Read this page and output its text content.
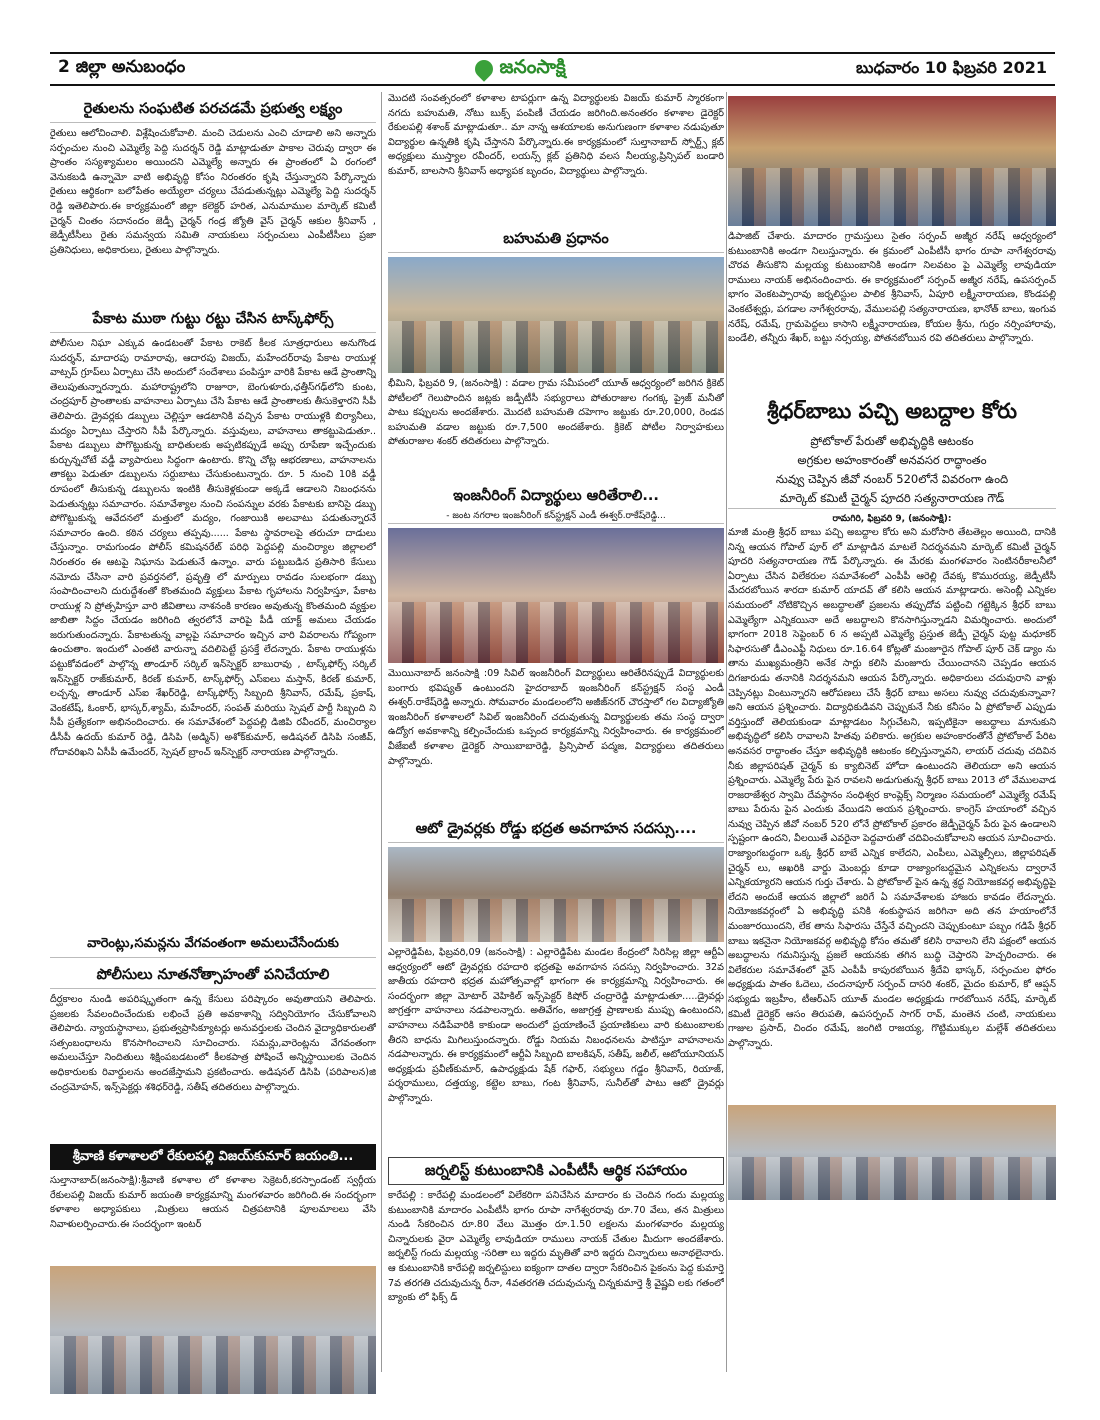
2 జిల్లా అనుబంధం	జనంసాక్షి	బుధవారం 10 ఫిబ్రవరి 2021
రైతులను సంఘటిత పరచడమే ప్రభుత్వ లక్ష్యం

రైతులు ఆలోచించాలి. విశ్లేషించుకోవాలి. మంచి చెడులను ఎంచి చూడాలి అని అన్నారు సర్పంచుల నుంచి ఎమ్మెల్యే పెద్ది సుదర్శన్ రెడ్డి మాట్లాడుతూ పాకాల చెరువు ద్వారా ఈ ప్రాంతం సస్యశ్యామలం అయిందని ఎమ్మెల్యే అన్నారు ఈ ప్రాంతంలో ఏ రంగంలో వెనుకబడి ఉన్నామో వాటి అభివృద్ధి కోసం నిరంతరం కృషి చేస్తున్నారని పేర్కొన్నారు రైతులు ఆర్థికంగా బలోపేతం అయ్యేలా చర్యలు చేపడుతున్నట్లు ఎమ్మెల్యే పెద్ది సుదర్శన్ రెడ్డి ఇతెలిపారు.ఈ కార్యక్రమంలో జిల్లా కలెక్టర్ హరిత, ఎనుమాముల మార్కెట్ కమిటీ చైర్మన్ చింతం సదానందం జెడ్పీ చైర్మన్ గండ్ర జ్యోతి వైస్ చైర్మన్ ఆకుల శ్రీనివాస్ , జెడ్పీటీసీలు రైతు సమన్వయ సమితి నాయకులు సర్పంచులు ఎంపీటీసీలు ప్రజా ప్రతినిధులు, అధికారులు, రైతులు పాల్గొన్నారు.

పేకాట ముఠా గుట్టు రట్టు చేసిన టాస్క్‌ఫోర్స్

పోలీసుల నిఘా ఎక్కువ ఉండటంతో పేకాట రాకెట్ కీలక సూత్రధారులు అనుగొండ సుదర్శన్, మాదారపు రామారావు, ఆదారపు విజయ్, మహేందర్‌రావు పేకాట రాయుళ్ల వాట్సప్ గ్రూప్‌లు ఏర్పాటు చేసి అందులో సందేశాలు పంపిస్తూ వారికి పేకాట ఆడే ప్రాంతాన్ని తెలుపుతున్నారన్నారు. మహారాష్ట్రలోని రాజూరా, బెంగుళూరు,ఛత్తీస్‌గఢ్‌లోని కుంట, చంద్రపూర్ ప్రాంతాలకు వాహనాలు ఏర్పాటు చేసి పేకాట ఆడే ప్రాంతాలకు తీసుకెళ్తారని సీపీ తెలిపారు. డ్రైవర్లకు డబ్బులు చెల్లిస్తూ ఆడటానికి వచ్చిన పేకాట రాయుళ్లకి బిర్యానీలు, మద్యం ఏర్పాటు చేస్తారని సీపీ పేర్కొన్నారు. వస్తువులు, వాహనాలు తాకట్టుపెడుతూ.. పేకాట డబ్బులు పొగొట్టుకున్న బాధితులకు అప్పటికప్పుడే అప్పు రూపేణా ఇచ్చేందుకు కుర్చున్నచోటే వడ్డీ వ్యాపారులు సిద్ధంగా ఉంటారు. కొన్ని చోట్ల ఆభరణాలు, వాహనాలను తాకట్టు పెడుతూ డబ్బులను సర్దుబాటు చేసుకుంటున్నారు. రూ. 5 నుంచి 10కి వడ్డీ రూపంలో తీసుకున్న డబ్బులను ఇంటికి తీసుకెళ్లకుండా అక్కడే ఆడాలని నిబంధనను పెడుతున్నట్లు సమాచారం. సమావేశ్యాల నుంచి సంపన్నుల వరకు పేకాటకు బానిసై డబ్బు పోగొట్టుకున్న ఆవేదనలో మత్తులో మద్యం, గంజాయికి అలవాటు పడుతున్నారనే సమాచారం ఉంది. కఠిన చర్యలు తప్పవు...... పేకాట స్థావరాలపై తరుచూ దాడులు చేస్తున్నాం. రామగుండం పోలీస్ కమిషనరేట్ పరిధి పెద్దపల్లి మంచిర్యాల జిల్లాలలో నిరంతరం ఈ ఆటపై నిఘాను పెడుతునే ఉన్నాం. వారు పట్టుబడిన ప్రతిసారి కేసులు నమోదు చేసినా వారి ప్రవర్తనలో, ప్రవృత్తి లో మార్పులు రావడం సులభంగా డబ్బు సంపాదించాలని దురుద్దేశంతో కొంతమంది వ్యక్తులు పేకాట గృహాలను నిర్వహిస్తూ, పేకాట రాయుళ్ల ని ప్రోత్సహిస్తూ వారి జీవితాలు నాశనంకి కారణం అవుతున్న కొంతమంది వ్యక్తుల జాబితా సిద్దం చేయడం జరిగింది త్వరలోనే వారిపై పీడీ యాక్ట్ అమలు చేయడం జరుగుతుందన్నారు. పేకాటతున్న వాల్లపై సమాచారం ఇచ్చిన వారి వివరాలను గోప్యంగా ఉంచుతాం. ఇందులో ఎంతటి వారున్నా వదిలిపెట్టే ప్రసక్తే లేదన్నారు. పేకాట రాయుళ్లను పట్టుకోవడంలో పాల్గొన్న తాండూర్ సర్కిల్ ఇన్‌స్పెక్టర్ బాబురావు , టాస్క్‌ఫోర్స్ సర్కిల్ ఇన్‌స్పెక్టర్ రాజ్‌కుమార్, కిరణ్ కుమార్, టాస్క్‌ఫోర్స్ ఎస్ఐలు మస్తాన్, కిరణ్ కుమార్, లచ్చన్న, తాండూర్ ఎస్ఐ శేఖర్‌రెడ్డి, టాస్క్‌ఫోర్స్ సిబ్బంది శ్రీనివాస్, రమేష్, ప్రకాష్, వెంకటేష్, ఓంకార్, భాస్కర్,శ్యామ్, మహేందర్, సంపత్ మరియు స్పెషల్ పార్టీ సిబ్బంది ని సీపీ ప్రత్యేకంగా అభినందించారు. ఈ సమావేశంలో పెద్దపల్లి డిజిపి రవీందర్, మంచిర్యాల డీసీపీ ఉదయ్ కుమార్ రెడ్డి, డిసిపి (అడ్మిన్) అశోక్‌కుమార్, అడిషనల్ డిసిపి సంజీవ్, గోదావరిఖని ఏసీపీ ఉమేందర్, స్పెషల్ బ్రాంచ్ ఇన్‌స్పెక్టర్ నారాయణ పాల్గొన్నారు.

వారెంట్లు,సమన్లను వేగవంతంగా అమలుచేసేందుకు
పోలీసులు నూతనోత్సాహంతో పనిచేయాలి

దీర్ఘకాలం నుండి అపరిష్కృతంగా ఉన్న కేసులు పరిష్కారం అవుతాయని తెలిపారు. ప్రజలకు సేవలందించేందుకు లభించే ప్రతి అవకాశాన్ని సద్వినియోగం చేసుకోవాలని తెలిపారు. న్యాయస్థానాలు, ప్రభుత్వప్రాసిక్యూటర్లు అనువర్తులకు చెందిన వైద్యాధికారులతో సత్సంబంధాలను కొనసాగించాలని సూచించారు. సమన్లు,వారెంట్లను వేగవంతంగా అమలుచేస్తూ నిందితులు శిక్షింపబడటంలో కీలకపాత్ర పోషించే అన్నిస్థాయిలకు చెందిన అధికారులకు రివార్డులను అందజేస్తామని ప్రకటించారు. అడిషనల్ డిసిపి (పరిపాలన)జి చంద్రమోహన్, ఇన్స్‌పెక్టర్లు శశిధర్‌రెడ్డి, సతీష్ తదితరులు పాల్గొన్నారు.

శ్రీవాణి కళాశాలలో రేకులపల్లి విజయ్‌కుమార్ జయంతి...

సుల్తానాబాద్(జనంసాక్షి):శ్రీవాణి కళాశాల లో కళాశాల సెక్రెటరీ,కరస్పాండంట్ స్వర్గీయ రేకులపల్లి విజయ్ కుమార్ జయంతి కార్యక్రమాన్ని మంగళవారం జరిగింది.ఈ సందర్భంగా కళాశాల అధ్యాపకులు ,మిత్రులు ఆయన చిత్రపటానికి పూలమాలలు వేసి నివాళులర్పించారు.ఈ సందర్భంగా ఇంటర్

మొదటి సంవత్సరంలో కళాశాల టాపర్లుగా ఉన్న విద్యార్థులకు విజయ్ కుమార్ స్మారకంగా నగదు బహుమతి, నోటు బుక్స్ పంపిణీ చేయడం జరిగింది.అనంతరం కళాశాల డైరెక్టర్ రేకులపల్లి శశాంక్ మాట్లాడుతూ.. మా నాన్న ఆశయాలకు అనుగుణంగా కళాశాల నడుపుతూ విద్యార్థుల ఉన్నతికి కృషి చేస్తానని పేర్కొన్నారు.ఈ కార్యక్రమంలో సుల్తానాబాద్ స్పోర్ట్స్ క్లబ్ అధ్యక్షులు ముస్త్యాల రవీందర్, లయన్స్ క్లబ్ ప్రతినిధి వలస నీలయ్య,ప్రిన్సిపల్ బండారి కుమార్, బాలసాని శ్రీనివాస్ అధ్యాపక బృందం, విద్యార్థులు పాల్గొన్నారు.

బహుమతి ప్రధానం

భీమిని, ఫిబ్రవరి 9, (జనంసాక్షి) : వడాల గ్రామ సమీపంలో యూత్ ఆధ్వర్యంలో జరిగిన క్రికెట్ పోటీలలో గెలుపొందిన జట్లకు జడ్పీటీసీ సభ్యురాలు పోతురాజుల గంగక్క ప్రైజ్ మనీతో పాటు కప్పులను అందజేశారు. మొదటి బహుమతి దహెగాం జట్టుకు రూ.20,000, రెండవ బహుమతి వడాల జట్టుకు రూ.7,500 అందజేశారు. క్రికెట్ పోటీల నిర్వాహకులు పోతురాజుల శంకర్ తదితరులు పాల్గొన్నారు.

ఇంజనీరింగ్ విద్యార్థులు ఆరితేరాలి...
- జంట నగరాల ఇంజనీరింగ్ కన్‌స్ట్రక్షన్ ఎండీ ఈశ్వర్.రాకేష్‌రెడ్డి...

మొయినాబాద్ జనంసాక్షి :09 సివిల్ ఇంజనీరింగ్ విద్యార్థులు ఆరితేరినప్పుడే విద్యార్థులకు బంగారు భవిష్యత్ ఉంటుందని హైదరాబాద్ ఇంజనీరింగ్ కన్‌స్ట్రక్షన్ సంస్థ ఎండీ ఈశ్వర్.రాకేష్‌రెడ్డి అన్నారు. సోమవారం మండలంలోని అజీజ్‌నగర్ చౌరస్తాలో గల విద్యాజ్యోతి ఇంజనీరింగ్ కళాశాలలో సివిల్ ఇంజనీరింగ్ చదువుతున్న విద్యార్థులకు తమ సంస్థ ద్వారా ఉద్యోగ అవకాశాన్ని కల్పించేందుకు ఒప్పంద కార్యక్రమాన్ని నిర్వహించారు. ఈ కార్యక్రమంలో వీజేఐటీ కళాశాల డైరెక్టర్ సాయిబాబారెడ్డి, ప్రిన్సిపాల్ పద్మజ, విద్యార్థులు తదితరులు పాల్గొన్నారు.

ఆటో డ్రైవర్లకు రోడ్డు భద్రత అవగాహన సదస్సు....

ఎల్లారెడ్డిపేట, ఫిబ్రవరి,09 (జనంసాక్షి) : ఎల్లారెడ్డిపేట మండల కేంద్రంలో సిరిసిల్ల జిల్లా ఆర్టీఏ ఆధ్వర్యంలో ఆటో డ్రైవర్లకు రహదారి భద్రతపై అవగాహన సదస్సు నిర్వహించారు. 32వ జాతీయ రహదారి భద్రత మహోత్సవాల్లో భాగంగా ఈ కార్యక్రమాన్ని నిర్వహించారు. ఈ సందర్భంగా జిల్లా మోటార్ వెహికిల్ ఇన్స్‌పెక్టర్ కిషోర్ చంద్రారెడ్డి మాట్లాడుతూ.....డ్రైవర్లు జాగ్రత్తగా వాహనాలు నడపాలన్నారు. అతివేగం, అజాగ్రత్త ప్రాణాలకు ముప్పు ఉంటుందని, వాహనాలు నడిపేవారికి కాకుండా అందులో ప్రయాణించే ప్రయాణికులు వారి కుటుంబాలకు తీరని బాధను మిగిలుస్తుందన్నారు. రోడ్డు నియమ నిబంధనలను పాటిస్తూ వాహనాలను నడపాలన్నారు. ఈ కార్యక్రమంలో ఆర్టీఏ సిబ్బంది బాలకిషన్, సతీష్, జలీల్, ఆటోయూనియన్ అధ్యక్షుడు ప్రవీణ్‌కుమార్, ఉపాధ్యక్షుడు షేక్ గఫార్, సభ్యులు గడ్డం శ్రీనివాస్, రియాజ్, పర్శరాములు, దత్తయ్య, కట్టెల బాబు, గంట శ్రీనివాస్, సునీల్‌తో పాటు ఆటో డ్రైవర్లు పాల్గొన్నారు.

జర్నలిస్ట్ కుటుంబానికి ఎంపీటీసీ ఆర్థిక సహాయం

కారేపల్లి : కారేపల్లి మండలంలో విలేకరిగా పనిచేసిన మాదారం కు చెందిన గందు మల్లయ్య కుటుంబానికి మాదారం ఎంపీటీసీ భాగం రూపా నాగేశ్వరరావు రూ.70 వేలు, తన మిత్రులు నుండి సేకరించిన రూ.80 వేలు మొత్తం రూ.1.50 లక్షలను మంగళవారం మల్లయ్య చిన్నారులకు వైరా ఎమ్మెల్యే లావుడియా రాములు నాయక్ చేతుల మీదుగా అందజేశారు. జర్నలిస్ట్ గందు మల్లయ్య -సరితా లు ఇద్దరు మృతితో వారి ఇద్దరు చిన్నారులు అనాథలైనారు. ఆ కుటుంబానికి కారేపల్లి జర్నలిస్టులు ఐక్యంగా దాతల ద్వారా సేకరించిన పైకంను పెద్ద కుమార్తె 7వ తరగతి చదువుచున్న రీనా, 4వతరగతి చదువుచున్న చిన్నకుమార్తె శ్రీ వైష్ణవి లకు గతంలో బ్యాంకు లో ఫిక్స్ డ్

డిపాజిట్ చేశారు. మాదారం గ్రామస్తులు సైతం సర్పంచ్ అజ్మీర నరేష్ ఆధ్వర్యంలో కుటుంబానికి అండగా నిలుస్తున్నారు. ఈ క్రమంలో ఎంపీటీసీ భాగం రూపా నాగేశ్వరరావు చొరవ తీసుకొని మల్లయ్య కుటుంబానికి అండగా నిలవటం పై ఎమ్మెల్యే లావుడియా రాములు నాయక్ అభినందించారు. ఈ కార్యక్రమంలో సర్పంచ్ అజ్మీర నరేష్, ఉపసర్పంచ్ భాగం వెంకటప్పారావు జర్నలిస్టుల పాలిక శ్రీనివాస్, ఏపూరి లక్ష్మీనారాయణ, కొండపల్లి వెంకటేశ్వర్లు, పగడాల నాగేశ్వరరావు, వేములపల్లి సత్యనారాయణ, భానోత్ బాలు, ఇంగువ నరేష్, రమేష్, గ్రామపెద్దలు కాసాని లక్ష్మీనారాయణ, కోయల శ్రీను, గుర్రం నర్సింహారావు, బండేలి, తన్నీరు శేఖర్, బట్టు నర్సయ్య, పోతనబోయిన రవి తదితరులు పాల్గొన్నారు.

శ్రీధర్‌బాబు పచ్చి అబద్దాల కోరు
ప్రోటోకాల్ పేరుతో అభివృద్ధికి ఆటంకం
అగ్రకుల అహంకారంతో అనవసర రాద్ధాంతం
నువ్వు చెప్పిన జీవో నంబర్ 520లోనే వివరంగా ఉంది
మార్కెట్ కమిటీ చైర్మన్ పూదరి సత్యనారాయణ గౌడ్
రామగిరి, ఫిబ్రవరి 9, (జనంసాక్షి):

మాజీ మంత్రి శ్రీధర్ బాబు పచ్చి అబద్దాల కోరు అని మరోసారి తేటతెల్లం అయింది, దానికి నిన్న ఆయన గోపాల్ పూర్ లో మాట్లాడిన మాటలే నిదర్శనమని మార్కెట్ కమిటీ చైర్మన్ పూదరి సత్యనారాయణ గౌడ్ పేర్కొన్నారు. ఈ మేరకు మంగళవారం సెంటినరీకాలనీలో ఏర్పాటు చేసిన విలేకరుల సమావేశంలో ఎంపీపీ ఆరెల్లి దేవక్క కొమురయ్య, జెడ్పీటీసీ మేదరబోయిన శారదా కుమార్ యాదవ్ తో కలిసి ఆయన మాట్లాడారు. అసెంబ్లీ ఎన్నికల సమయంలో నోటికొచ్చిన అబద్ధాలతో ప్రజలను తప్పుదోవ పట్టించి గట్టెక్కిన శ్రీధర్ బాబు ఎమ్మెల్యేగా ఎన్నికయినా అదే అబద్ధాలని కొనసాగిస్తున్నాడని విమర్శించారు. అందులో భాగంగా 2018 సెప్టెంబర్ 6 న అప్పటి ఎమ్మెల్యే ప్రస్తుత జెడ్పీ చైర్మన్ పుట్ట మధూకర్ సిఫారసుతో డీఎంఎఫ్టీ నిధులు రూ.16.64 కోట్లతో మంజూరైన గోపాల్ పూర్ చెక్ డ్యాం ను తాను ముఖ్యమంత్రిని అనేక సార్లు కలిసి మంజూరు చేయించానని చెప్పడం ఆయన దిగజారుడు తనానికి నిదర్శనమని ఆయన పేర్కొన్నారు. అధికారులు చదువురాని వాళ్లు చెప్పినట్లు వింటున్నారని ఆరోపణలు చేసే శ్రీధర్ బాబు అసలు నువ్వు చదువుకున్నావా? అని ఆయన ప్రశ్నించారు. విద్యాధికుడివని చెప్పుకునే నీకు కనీసం ఏ ప్రోటోకాల్ ఎప్పుడు వర్తిస్తుందో తెలియకుండా మాట్లాడటం సిగ్గుచేటని, ఇప్పటికైనా అబద్ధాలు మానుకుని అభివృద్ధిలో కలిసి రావాలని హితవు పలికారు. అగ్రకుల అహంకారంతోనే ప్రోటోకాల్ పేరిట అనవసర రాద్ధాంతం చేస్తూ అభివృద్ధికి ఆటంకం కల్పిస్తున్నావని, లాయర్ చదువు చదివిన నీకు జిల్లాపరిషత్ చైర్మన్ కు క్యాబినెట్ హోదా ఉంటుందని తెలియదా అని ఆయన ప్రశ్నించారు. ఎమ్మెల్యే పేరు పైన రావలని అడుగుతున్న శ్రీధర్ బాబు 2013 లో వేములవాడ రాజరాజేశ్వర స్వామి దేవస్థానం సంధిశ్వర కాంప్లెక్స్ నిర్మాణం సమయంలో ఎమ్మెల్యే రమేష్ బాబు పేరును పైన ఎందుకు వేయిడని అయన ప్రశ్నించారు. కాంగ్రెస్ హయాంలో వచ్చిన నువ్వు చెప్పిన జీవో నంబర్ 520 లోనే ప్రోటోకాల్ ప్రకారం జెడ్పీచైర్మన్ పేరు పైన ఉండాలని స్పష్టంగా ఉందని, వీలయితే ఎవరైనా పెద్దవారుతో చదివించుకోవాలని ఆయన సూచించారు. రాజ్యాంగబద్ధంగా ఒక్క శ్రీధర్ బాబే ఎన్నిక కాలేదని, ఎంపీలు, ఎమ్మెల్సీలు, జిల్లాపరిషత్ చైర్మన్ లు, ఆఖరికి వార్డు మెంబర్లు కూడా రాజ్యాంగబద్ధమైన ఎన్నికలను ద్వారానే ఎన్నికయ్యారని ఆయన గుర్తు చేశారు. ఏ ప్రోటోకాల్ పైన ఉన్న శ్రద్ధ నియోజకవర్గ అభివృద్ధిపై లేదని అందుకే ఆయన జిల్లాలో జరిగే ఏ సమావేశాలకు హాజరు కావడం లేదన్నారు. నియోజకవర్గంలో ఏ అభివృద్ధి పనికి శంకుస్థాపన జరిగినా అది తన హయాంలోనే మంజూరయిందని, లేక తాను సిఫారసు చేస్తేనే వచ్చిందని చెప్పుకుంటూ పబ్బం గడిపే శ్రీధర్ బాబు ఇకనైనా నియోజకవర్గ అభివృద్ధి కోసం తమతో కలిసి రావాలని లేని పక్షంలో ఆయన అబద్ధాలను గమనిస్తున్న ప్రజలే ఆయనకు తగిన బుద్ధి చెప్తారని హెచ్చరించారు. ఈ విలేకరుల సమావేశంలో వైస్ ఎంపీపీ కాపురబోయిన శ్రీదేవి భాస్కర్, సర్పంచుల ఫోరం అధ్యక్షుడు పాతం ఓదెలు, చందనాపూర్ సర్పంచ్ దాసరి శంకర్, మైదం కుమార్, కో ఆప్షన్ సభ్యుడు ఇబ్రహీం, టీఆర్ఎస్ యూత్ మండల అధ్యక్షుడు గారబోయిన నరేష్, మార్కెట్ కమిటీ డైరెక్టర్ ఆసం తిరుపతి, ఉపసర్పంచ్ సాగర్ రావ్, మంతెన చంటి, నాయకులు గాజుల ప్రసాద్, చిందం రమేష్, జంగిటి రాజయ్య, గొట్టిముక్కుల మల్లేశ్ తదితరులు పాల్గొన్నారు.
